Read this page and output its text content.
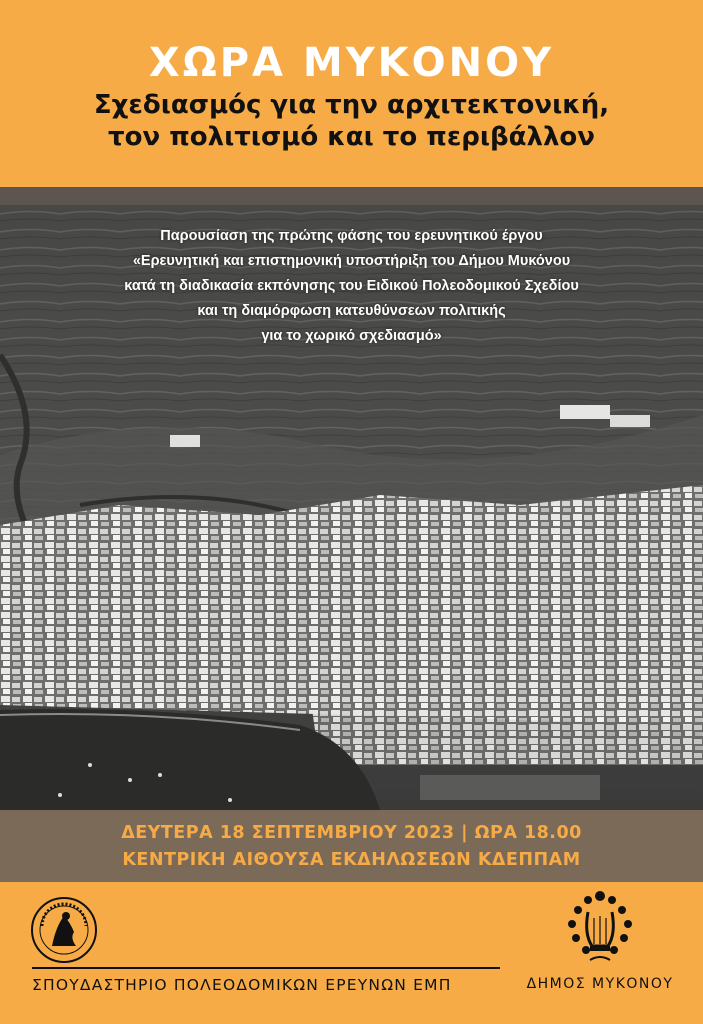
ΧΩΡΑ ΜΥΚΟΝΟΥ
Σχεδιασμός για την αρχιτεκτονική,
τον πολιτισμό και το περιβάλλον
Παρουσίαση της πρώτης φάσης του ερευνητικού έργου
«Ερευνητική και επιστημονική υποστήριξη του Δήμου Μυκόνου
κατά τη διαδικασία εκπόνησης του Ειδικού Πολεοδομικού Σχεδίου
και τη διαμόρφωση κατευθύνσεων πολιτικής
για το χωρικό σχεδιασμό»
ΔΕΥΤΕΡΑ 18 ΣΕΠΤΕΜΒΡΙΟΥ 2023 | ΩΡΑ 18.00
ΚΕΝΤΡΙΚΗ ΑΙΘΟΥΣΑ ΕΚΔΗΛΩΣΕΩΝ ΚΔΕΠΠΑΜ
ΣΠΟΥΔΑΣΤΗΡΙΟ ΠΟΛΕΟΔΟΜΙΚΩΝ ΕΡΕΥΝΩΝ ΕΜΠ	ΔΗΜΟΣ ΜΥΚΟΝΟΥ
